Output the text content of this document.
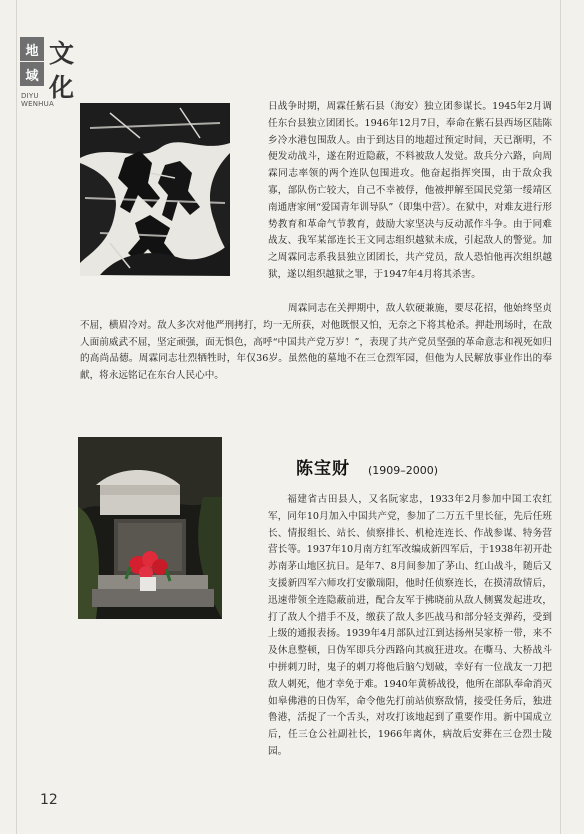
地
域
文
化
DIYU
WENHUA	日战争时期，周霖任紫石县（海安）独立团参谋长。1945年2月调任东台县独立团团长。1946年12月7日，奉命在紫石县西场区陆陈乡冷水港包围敌人。由于到达目的地超过预定时间，天已渐明，不便发动战斗，遂在附近隐蔽，不料被敌人发觉。敌兵分六路，向周霖同志率领的两个连队包围进攻。他奋起指挥突围，由于敌众我寡，部队伤亡较大，自己不幸被俘，他被押解至国民党第一绥靖区南通唐家闸“爱国青年训导队”（即集中营）。在狱中，对难友进行形势教育和革命气节教育，鼓励大家坚决与反动派作斗争。由于同难战友、我军某部连长王文同志组织越狱未成，引起敌人的警觉。加之周霖同志系我县独立团团长，共产党员，敌人恐怕他再次组织越狱，遂以组织越狱之罪，于1947年4月将其杀害。

周霖同志在关押期中，敌人软硬兼施，要尽花招，他始终坚贞不屈，横眉冷对。敌人多次对他严刑拷打，均一无所获，对他既恨又怕，无奈之下将其枪杀。押赴刑场时，在敌人面前威武不屈，坚定顽强，面无惧色，高呼“中国共产党万岁！”，表现了共产党员坚强的革命意志和视死如归的高尚品德。周霖同志壮烈牺牲时，年仅36岁。虽然他的墓地不在三仓烈军园，但他为人民解放事业作出的奉献，将永远铭记在东台人民心中。

陈宝财 (1909–2000)

福建省古田县人，又名阮家忠，1933年2月参加中国工农红军，同年10月加入中国共产党，参加了二万五千里长征，先后任班长、情报组长、站长、侦察排长、机枪连连长、作战参谋、特务营营长等。1937年10月南方红军改编成新四军后，于1938年初开赴苏南茅山地区抗日。是年7、8月间参加了茅山、红山战斗，随后又支援新四军六师攻打安徽瑞阳，他时任侦察连长，在摸清敌情后，迅速带领全连隐蔽前进，配合友军于拂晓前从敌人侧翼发起进攻，打了敌人个措手不及，缴获了敌人多匹战马和部分轻支弹药，受到上级的通报表扬。1939年4月部队过江到达扬州吴家桥一带，来不及休息整顿，日伪军即兵分西路向其疯狂进攻。在嘶马、大桥战斗中拼刺刀时，鬼子的刺刀将他后脑勺划破，幸好有一位战友一刀把敌人刺死，他才幸免于难。1940年黄桥战役，他所在部队奉命消灭如皋佛港的日伪军，命令他先打前站侦察敌情，接受任务后，独进鲁港，活捉了一个舌头，对攻打该地起到了重要作用。新中国成立后，任三仓公社副社长，1966年离休，病故后安葬在三仓烈士陵园。

12
